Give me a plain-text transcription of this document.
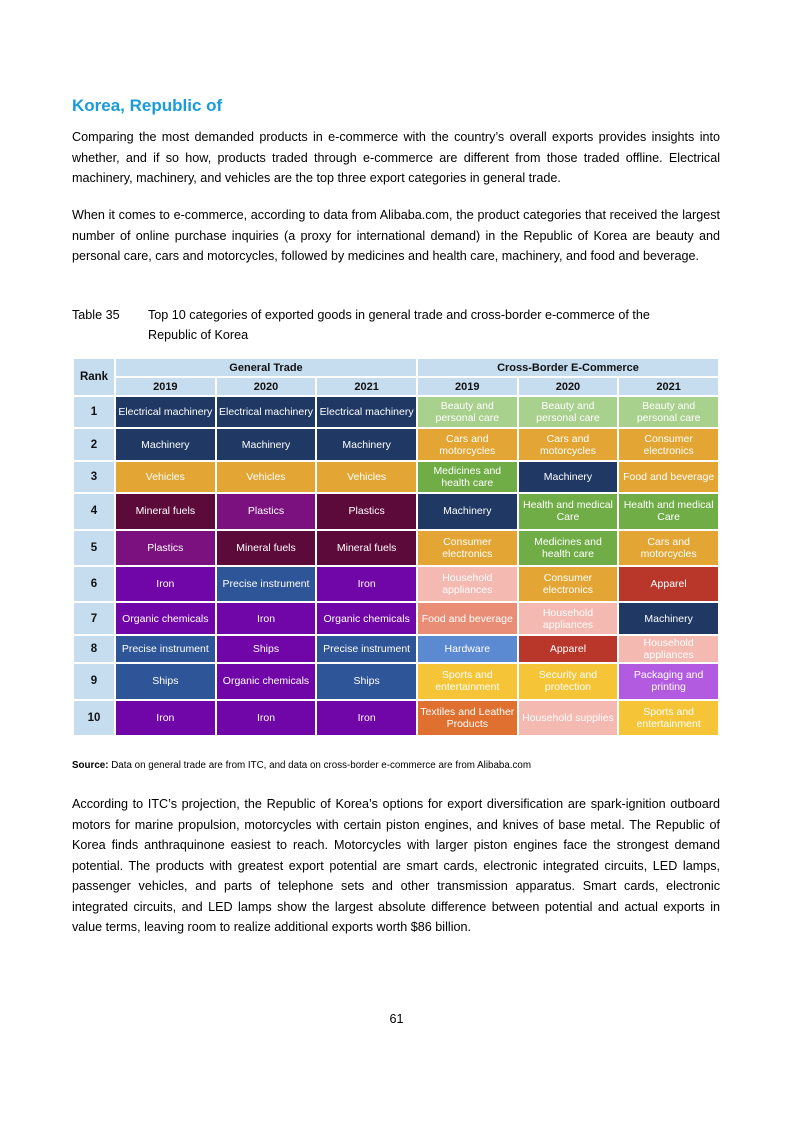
Korea, Republic of

Comparing the most demanded products in e-commerce with the country’s overall exports provides insights into whether, and if so how, products traded through e-commerce are different from those traded offline. Electrical machinery, machinery, and vehicles are the top three export categories in general trade.

When it comes to e-commerce, according to data from Alibaba.com, the product categories that received the largest number of online purchase inquiries (a proxy for international demand) in the Republic of Korea are beauty and personal care, cars and motorcycles, followed by medicines and health care, machinery, and food and beverage.

Table 35	Top 10 categories of exported goods in general trade and cross-border e-commerce of the Republic of Korea
Rank	General Trade			Cross-Border E-Commerce		
	2019	2020	2021	2019	2020	2021
1	Electrical machinery	Electrical machinery	Electrical machinery	Beauty and personal care	Beauty and personal care	Beauty and personal care
2	Machinery	Machinery	Machinery	Cars and motorcycles	Cars and motorcycles	Consumer electronics
3	Vehicles	Vehicles	Vehicles	Medicines and health care	Machinery	Food and beverage
4	Mineral fuels	Plastics	Plastics	Machinery	Health and medical Care	Health and medical Care
5	Plastics	Mineral fuels	Mineral fuels	Consumer electronics	Medicines and health care	Cars and motorcycles
6	Iron	Precise instrument	Iron	Household appliances	Consumer electronics	Apparel
7	Organic chemicals	Iron	Organic chemicals	Food and beverage	Household appliances	Machinery
8	Precise instrument	Ships	Precise instrument	Hardware	Apparel	Household appliances
9	Ships	Organic chemicals	Ships	Sports and entertainment	Security and protection	Packaging and printing
10	Iron	Iron	Iron	Textiles and Leather Products	Household supplies	Sports and entertainment
Source: Data on general trade are from ITC, and data on cross-border e-commerce are from Alibaba.com

According to ITC’s projection, the Republic of Korea’s options for export diversification are spark-ignition outboard motors for marine propulsion, motorcycles with certain piston engines, and knives of base metal. The Republic of Korea finds anthraquinone easiest to reach. Motorcycles with larger piston engines face the strongest demand potential. The products with greatest export potential are smart cards, electronic integrated circuits, LED lamps, passenger vehicles, and parts of telephone sets and other transmission apparatus. Smart cards, electronic integrated circuits, and LED lamps show the largest absolute difference between potential and actual exports in value terms, leaving room to realize additional exports worth $86 billion.

61
